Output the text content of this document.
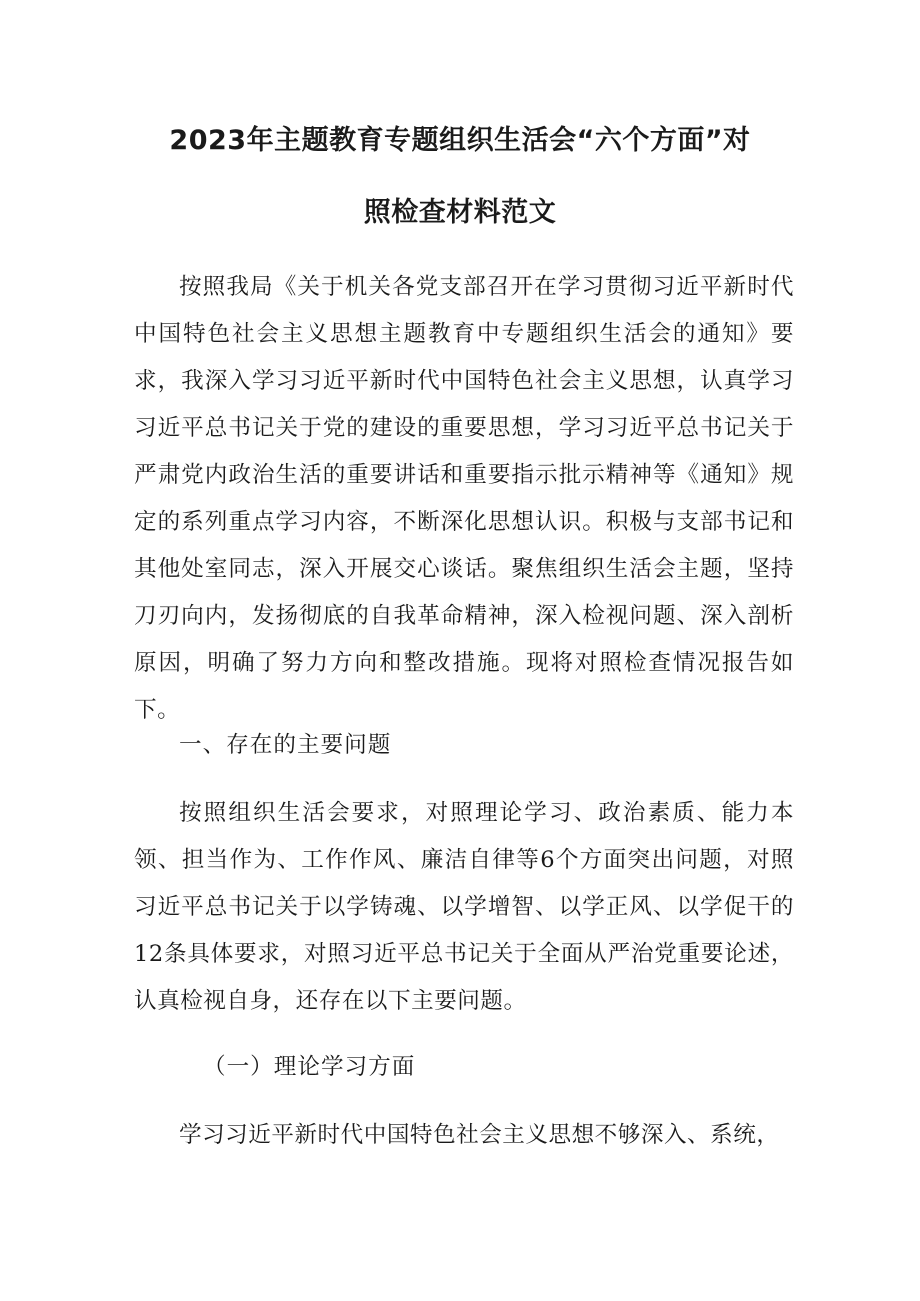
2023年主题教育专题组织生活会“六个方面”对
照检查材料范文

按照我局《关于机关各党支部召开在学习贯彻习近平新时代中国特色社会主义思想主题教育中专题组织生活会的通知》要求，我深入学习习近平新时代中国特色社会主义思想，认真学习习近平总书记关于党的建设的重要思想，学习习近平总书记关于严肃党内政治生活的重要讲话和重要指示批示精神等《通知》规定的系列重点学习内容，不断深化思想认识。积极与支部书记和其他处室同志，深入开展交心谈话。聚焦组织生活会主题，坚持刀刃向内，发扬彻底的自我革命精神，深入检视问题、深入剖析原因，明确了努力方向和整改措施。现将对照检查情况报告如下。

一、存在的主要问题

按照组织生活会要求，对照理论学习、政治素质、能力本领、担当作为、工作作风、廉洁自律等6个方面突出问题，对照习近平总书记关于以学铸魂、以学增智、以学正风、以学促干的12条具体要求，对照习近平总书记关于全面从严治党重要论述，认真检视自身，还存在以下主要问题。

（一）理论学习方面

学习习近平新时代中国特色社会主义思想不够深入、系统，
